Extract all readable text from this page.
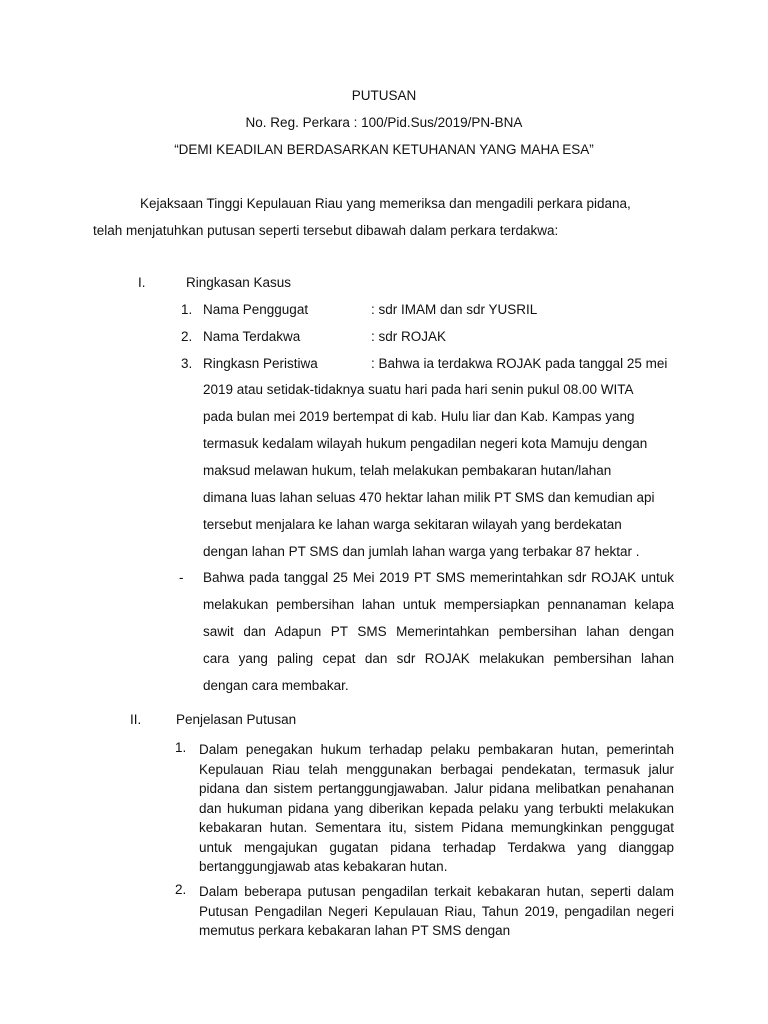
PUTUSAN
No. Reg. Perkara : 100/Pid.Sus/2019/PN-BNA
“DEMI KEADILAN BERDASARKAN KETUHANAN YANG MAHA ESA”
Kejaksaan Tinggi Kepulauan Riau yang memeriksa dan mengadili perkara pidana,
telah menjatuhkan putusan seperti tersebut dibawah dalam perkara terdakwa:
I.	Ringkasan Kasus
1. Nama Penggugat	: sdr IMAM dan sdr YUSRIL
2. Nama Terdakwa	: sdr ROJAK
3. Ringkasn Peristiwa	: Bahwa ia terdakwa ROJAK pada tanggal 25 mei
2019 atau setidak-tidaknya suatu hari pada hari senin pukul 08.00 WITA
pada bulan mei 2019 bertempat di kab. Hulu liar dan Kab. Kampas yang
termasuk kedalam wilayah hukum pengadilan negeri kota Mamuju dengan
maksud melawan hukum, telah melakukan pembakaran hutan/lahan
dimana luas lahan seluas 470 hektar lahan milik PT SMS dan kemudian api
tersebut menjalara ke lahan warga sekitaran wilayah yang berdekatan
dengan lahan PT SMS dan jumlah lahan warga yang terbakar 87 hektar .
- Bahwa pada tanggal 25 Mei 2019 PT SMS memerintahkan sdr ROJAK untuk
melakukan pembersihan lahan untuk mempersiapkan pennanaman kelapa
sawit dan Adapun PT SMS Memerintahkan pembersihan lahan dengan
cara yang paling cepat dan sdr ROJAK melakukan pembersihan lahan
dengan cara membakar.
II.	Penjelasan Putusan
1. Dalam penegakan hukum terhadap pelaku pembakaran hutan, pemerintah Kepulauan Riau telah menggunakan berbagai pendekatan, termasuk jalur pidana dan sistem pertanggungjawaban. Jalur pidana melibatkan penahanan dan hukuman pidana yang diberikan kepada pelaku yang terbukti melakukan kebakaran hutan. Sementara itu, sistem Pidana memungkinkan penggugat untuk mengajukan gugatan pidana terhadap Terdakwa yang dianggap bertanggungjawab atas kebakaran hutan.
2. Dalam beberapa putusan pengadilan terkait kebakaran hutan, seperti dalam Putusan Pengadilan Negeri Kepulauan Riau, Tahun 2019, pengadilan negeri memutus perkara kebakaran lahan PT SMS dengan
